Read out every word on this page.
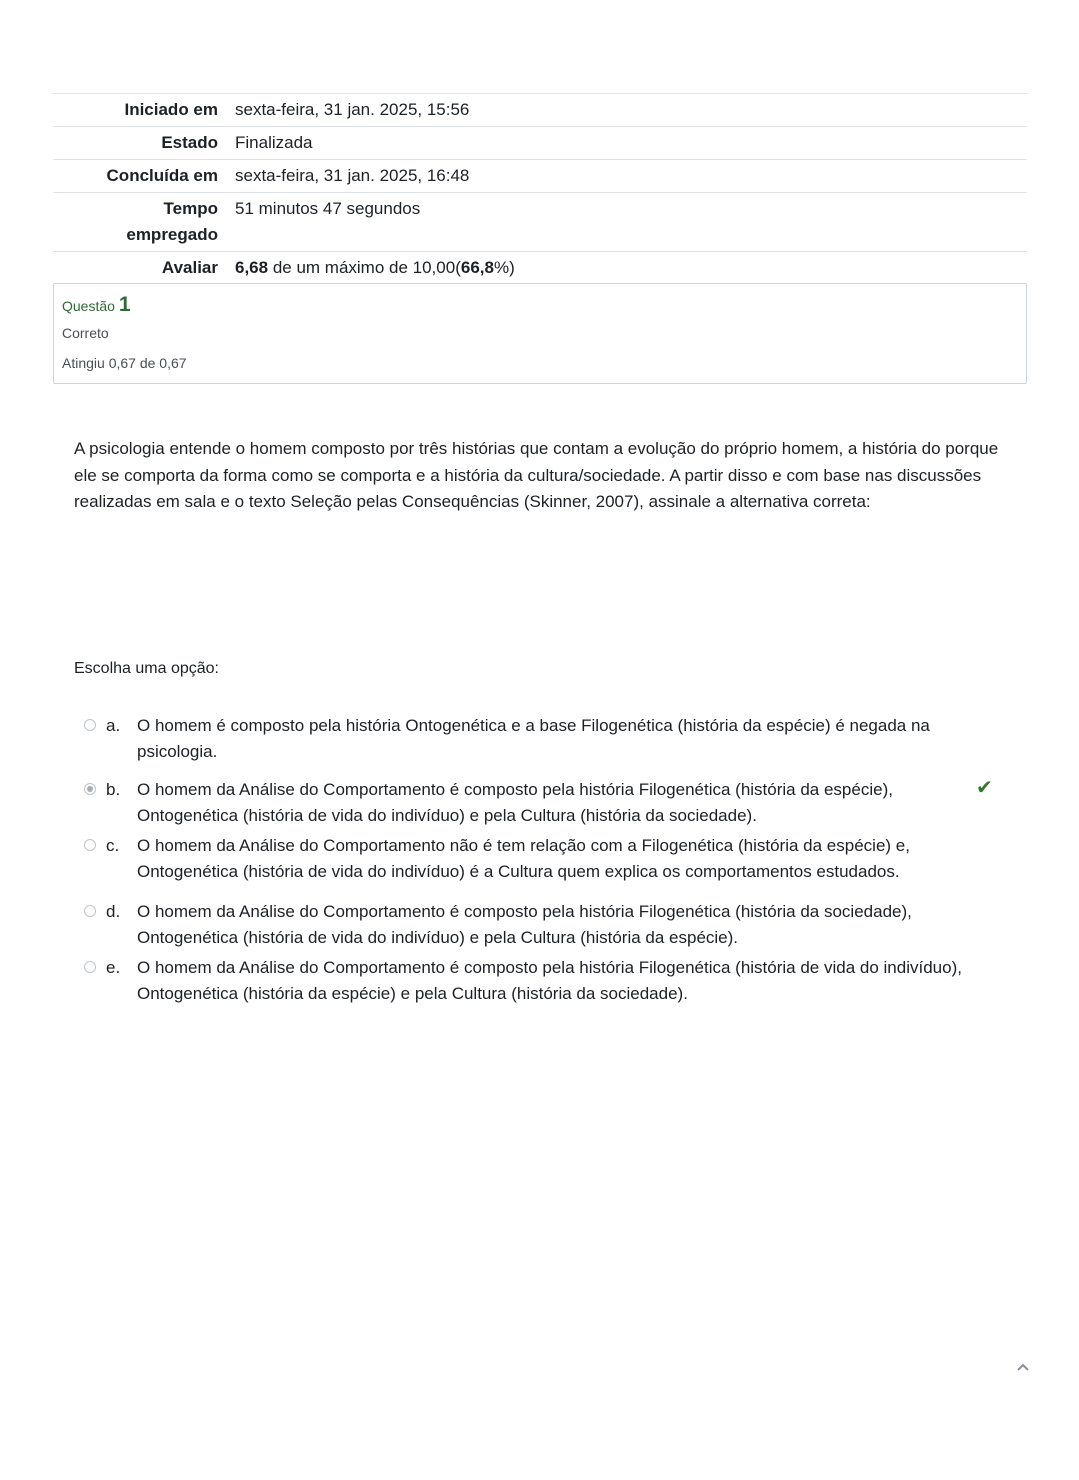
Iniciado em	sexta-feira, 31 jan. 2025, 15:56
Estado	Finalizada
Concluída em	sexta-feira, 31 jan. 2025, 16:48
Tempo
empregado	51 minutos 47 segundos
Avaliar	6,68 de um máximo de 10,00(66,8%)
Questão 1
Correto
Atingiu 0,67 de 0,67
A psicologia entende o homem composto por três histórias que contam a evolução do próprio homem, a história do porque ele se comporta da forma como se comporta e a história da cultura/sociedade. A partir disso e com base nas discussões realizadas em sala e o texto Seleção pelas Consequências (Skinner, 2007), assinale a alternativa correta:
Escolha uma opção:
a. O homem é composto pela história Ontogenética e a base Filogenética (história da espécie) é negada na psicologia.
b. O homem da Análise do Comportamento é composto pela história Filogenética (história da espécie), Ontogenética (história de vida do indivíduo) e pela Cultura (história da sociedade).
✔
c. O homem da Análise do Comportamento não é tem relação com a Filogenética (história da espécie) e, Ontogenética (história de vida do indivíduo) é a Cultura quem explica os comportamentos estudados.
d. O homem da Análise do Comportamento é composto pela história Filogenética (história da sociedade), Ontogenética (história de vida do indivíduo) e pela Cultura (história da espécie).
e. O homem da Análise do Comportamento é composto pela história Filogenética (história de vida do indivíduo), Ontogenética (história da espécie) e pela Cultura (história da sociedade).
